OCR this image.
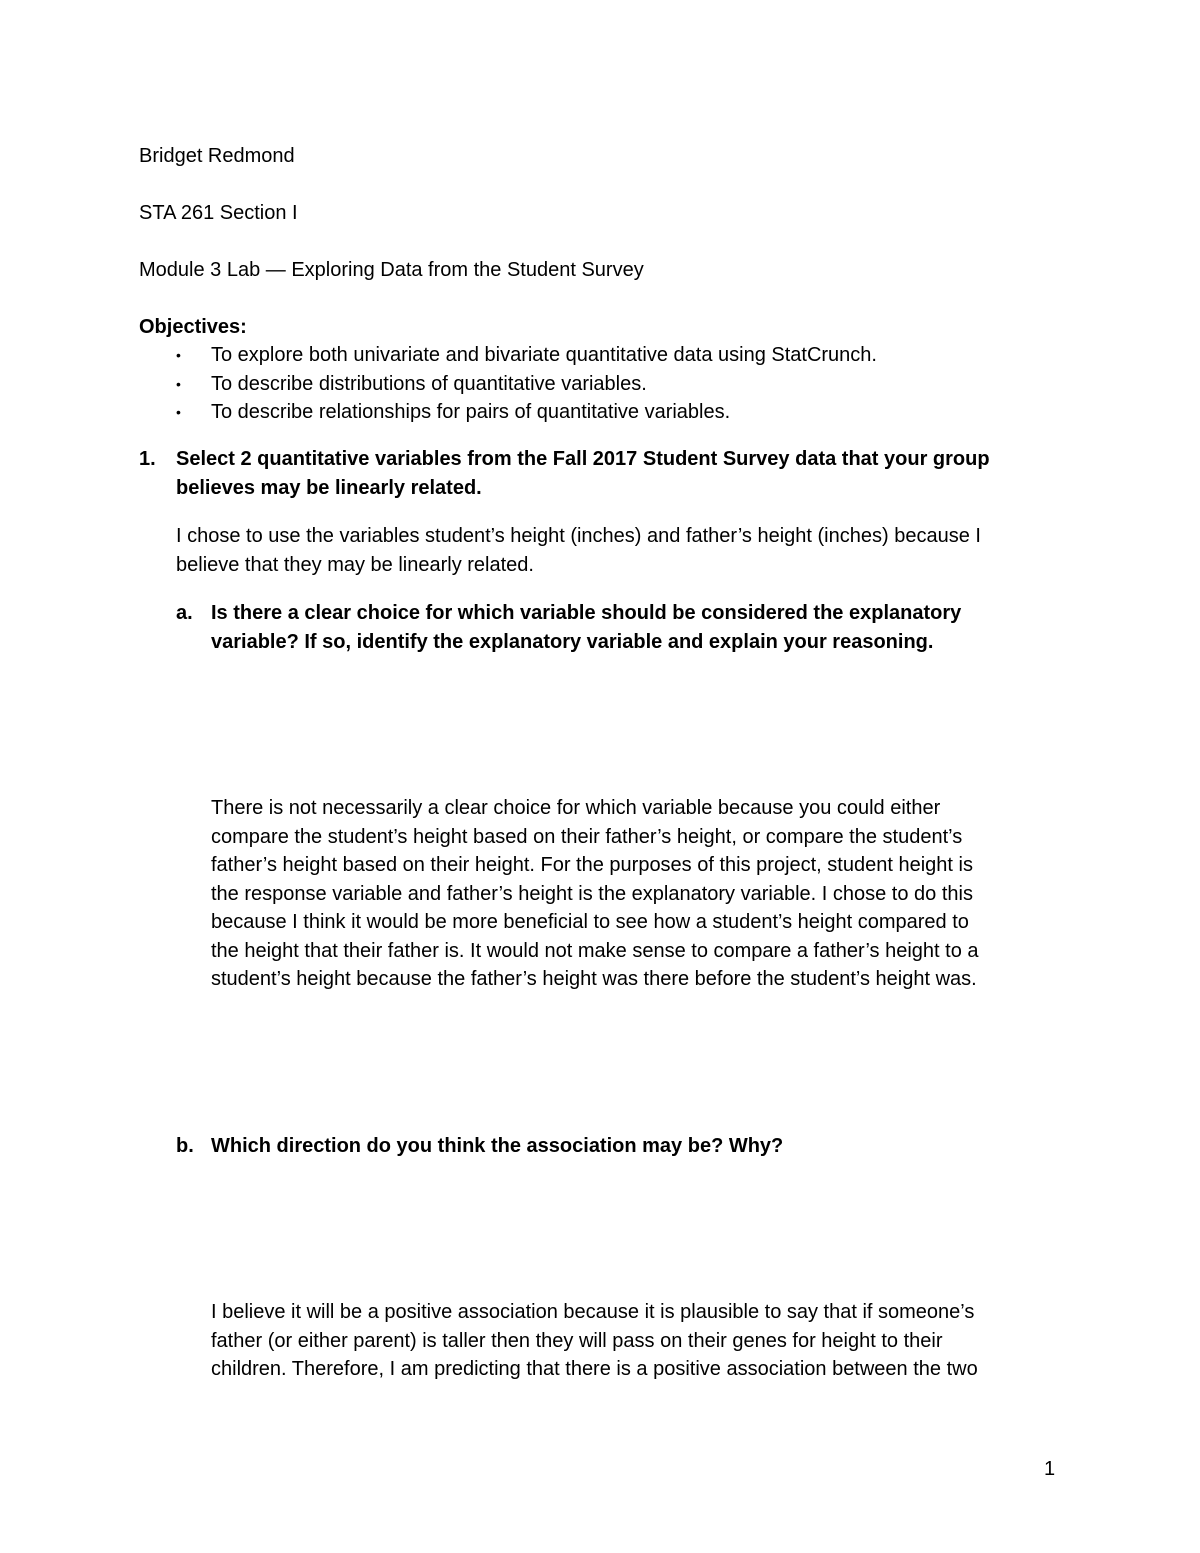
Bridget Redmond
STA 261 Section I
Module 3 Lab — Exploring Data from the Student Survey
Objectives:
• To explore both univariate and bivariate quantitative data using StatCrunch.
• To describe distributions of quantitative variables.
• To describe relationships for pairs of quantitative variables.
1. Select 2 quantitative variables from the Fall 2017 Student Survey data that your group
believes may be linearly related.
I chose to use the variables student’s height (inches) and father’s height (inches) because I
believe that they may be linearly related.
a. Is there a clear choice for which variable should be considered the explanatory
variable? If so, identify the explanatory variable and explain your reasoning.
There is not necessarily a clear choice for which variable because you could either
compare the student’s height based on their father’s height, or compare the student’s
father’s height based on their height. For the purposes of this project, student height is
the response variable and father’s height is the explanatory variable. I chose to do this
because I think it would be more beneficial to see how a student’s height compared to
the height that their father is. It would not make sense to compare a father’s height to a
student’s height because the father’s height was there before the student’s height was.
b. Which direction do you think the association may be? Why?
I believe it will be a positive association because it is plausible to say that if someone’s
father (or either parent) is taller then they will pass on their genes for height to their
children. Therefore, I am predicting that there is a positive association between the two
1
